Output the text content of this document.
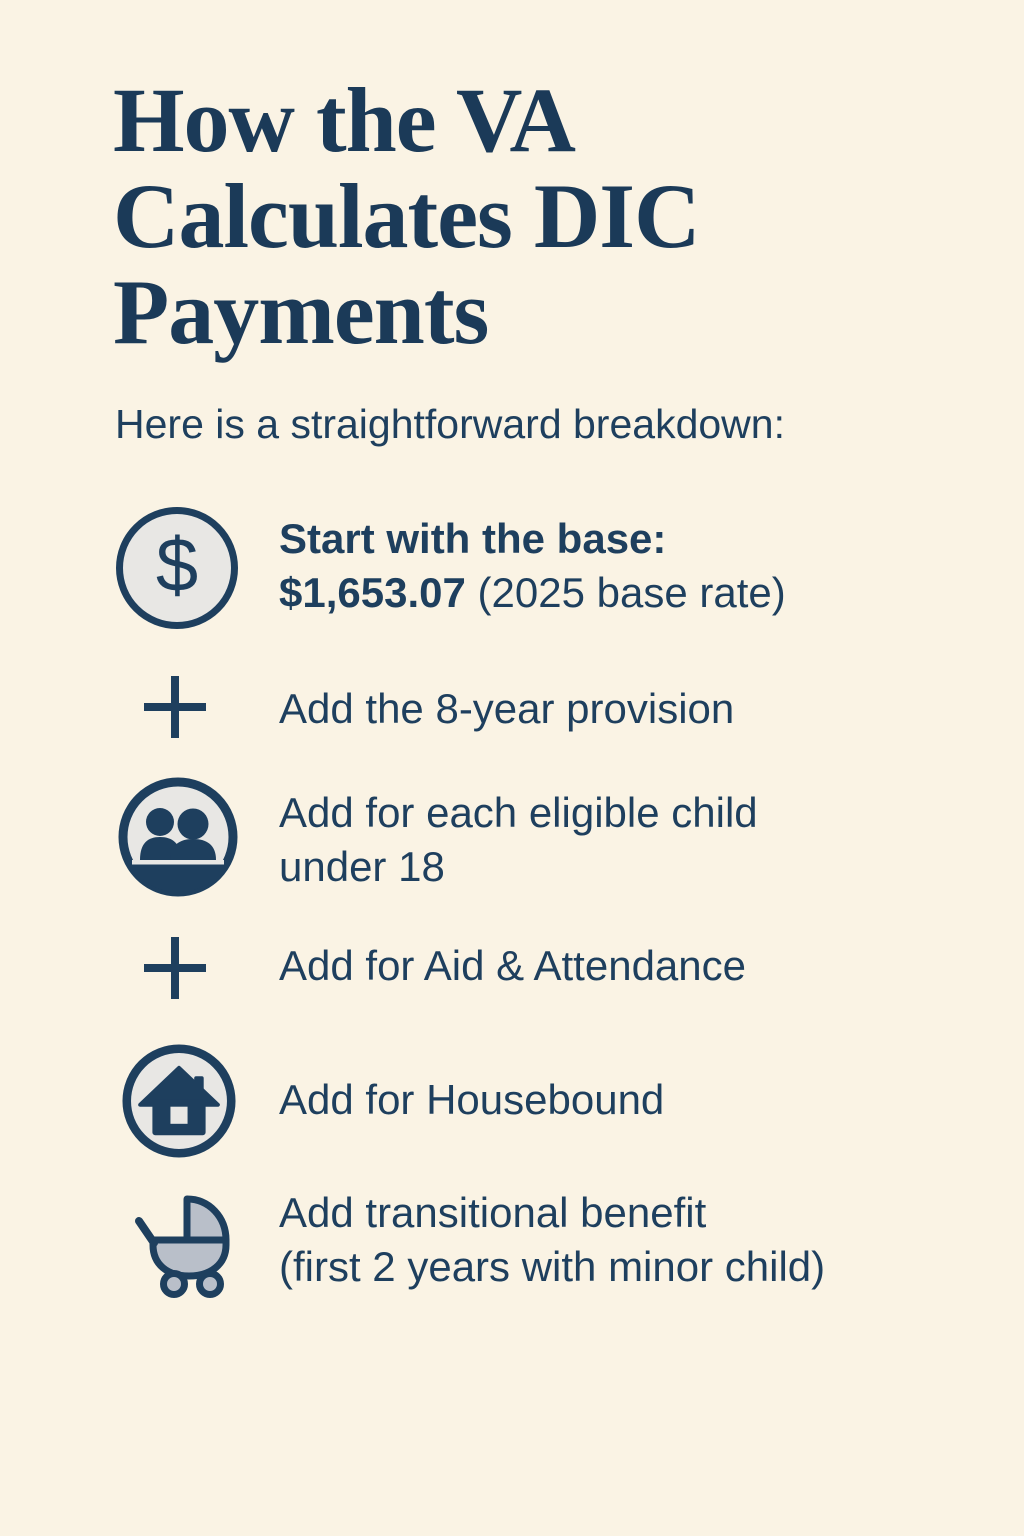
How the VA
Calculates DIC
Payments
Here is a straightforward breakdown:
$ Start with the base:
$1,653.07 (2025 base rate)
Add the 8-year provision
Add for each eligible child
under 18
Add for Aid & Attendance
Add for Housebound
Add transitional benefit
(first 2 years with minor child)
